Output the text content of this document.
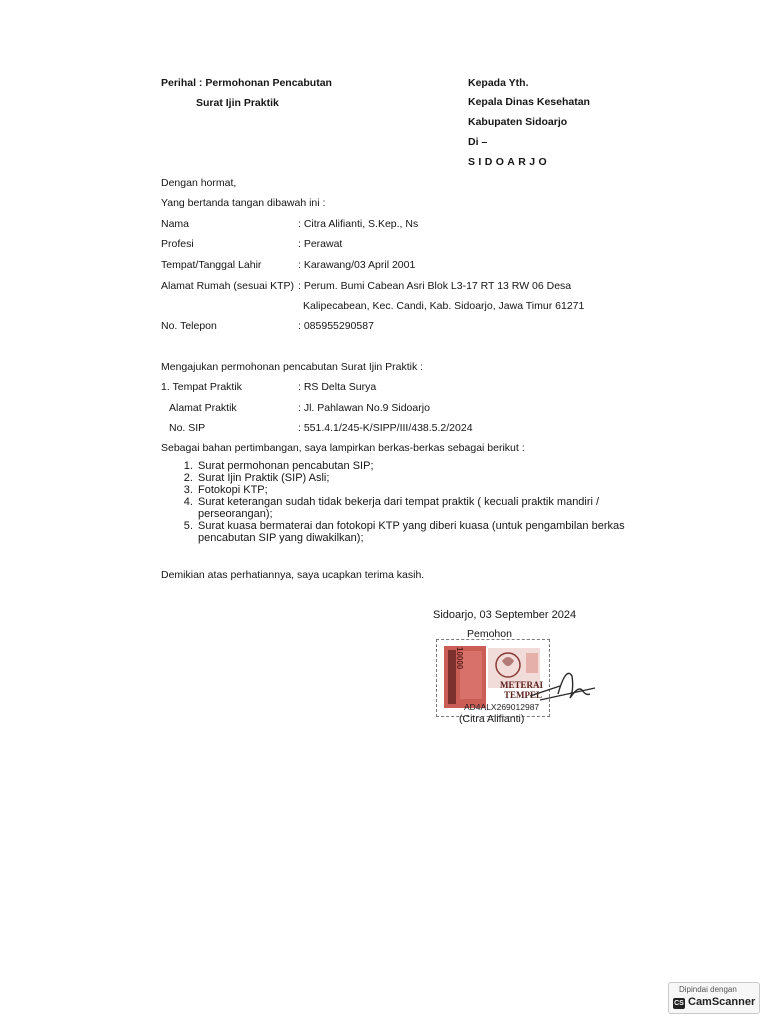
Perihal : Permohonan Pencabutan
Surat Ijin Praktik
Kepada Yth.
Kepala Dinas Kesehatan
Kabupaten Sidoarjo
Di –
SIDOARJO
Dengan hormat,
Yang bertanda tangan dibawah ini :
Nama	: Citra Alifianti, S.Kep., Ns
Profesi	: Perawat
Tempat/Tanggal Lahir	: Karawang/03 April 2001
Alamat Rumah (sesuai KTP) : Perum. Bumi Cabean Asri Blok L3-17 RT 13 RW 06 Desa
Kalipecabean, Kec. Candi, Kab. Sidoarjo, Jawa Timur 61271
No. Telepon	: 085955290587
Mengajukan permohonan pencabutan Surat Ijin Praktik :
1. Tempat Praktik	: RS Delta Surya
Alamat Praktik	: Jl. Pahlawan No.9 Sidoarjo
No. SIP	: 551.4.1/245-K/SIPP/III/438.5.2/2024
Sebagai bahan pertimbangan, saya lampirkan berkas-berkas sebagai berikut :
1. Surat permohonan pencabutan SIP;
2. Surat Ijin Praktik (SIP) Asli;
3. Fotokopi KTP;
4. Surat keterangan sudah tidak bekerja dari tempat praktik ( kecuali praktik mandiri / perseorangan);
5. Surat kuasa bermaterai dan fotokopi KTP yang diberi kuasa (untuk pengambilan berkas pencabutan SIP yang diwakilkan);
Demikian atas perhatiannya, saya ucapkan terima kasih.
Sidoarjo, 03 September 2024
Pemohon
10000
METERAI
TEMPEL
AD4ALX269012987
(Citra Alifianti)
Dipindai dengan
CS CamScanner
